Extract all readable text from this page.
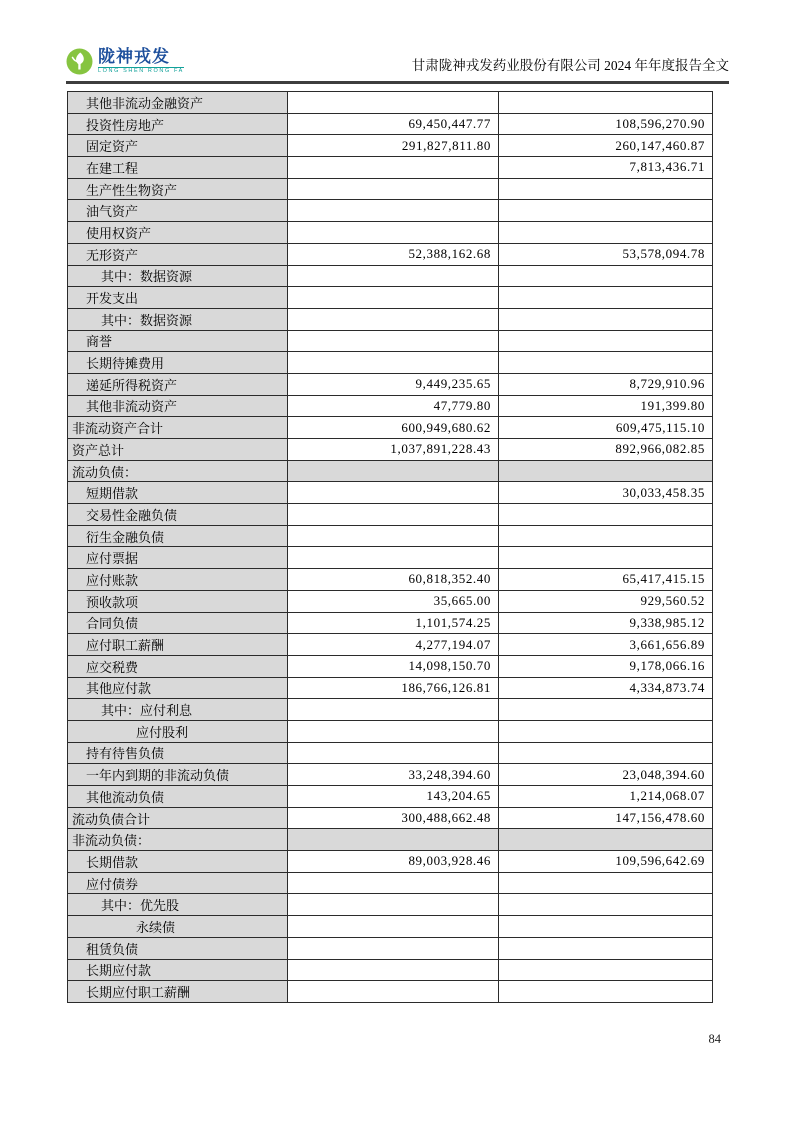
陇神戎发
LONG SHEN RONG FA	甘肃陇神戎发药业股份有限公司 2024 年年度报告全文
其他非流动金融资产		
投资性房地产	69,450,447.77	108,596,270.90
固定资产	291,827,811.80	260,147,460.87
在建工程		7,813,436.71
生产性生物资产		
油气资产		
使用权资产		
无形资产	52,388,162.68	53,578,094.78
其中：数据资源		
开发支出		
其中：数据资源		
商誉		
长期待摊费用		
递延所得税资产	9,449,235.65	8,729,910.96
其他非流动资产	47,779.80	191,399.80
非流动资产合计	600,949,680.62	609,475,115.10
资产总计	1,037,891,228.43	892,966,082.85
流动负债：		
短期借款		30,033,458.35
交易性金融负债		
衍生金融负债		
应付票据		
应付账款	60,818,352.40	65,417,415.15
预收款项	35,665.00	929,560.52
合同负债	1,101,574.25	9,338,985.12
应付职工薪酬	4,277,194.07	3,661,656.89
应交税费	14,098,150.70	9,178,066.16
其他应付款	186,766,126.81	4,334,873.74
其中：应付利息		
应付股利		
持有待售负债		
一年内到期的非流动负债	33,248,394.60	23,048,394.60
其他流动负债	143,204.65	1,214,068.07
流动负债合计	300,488,662.48	147,156,478.60
非流动负债：		
长期借款	89,003,928.46	109,596,642.69
应付债券		
其中：优先股		
永续债		
租赁负债		
长期应付款		
长期应付职工薪酬		
84
